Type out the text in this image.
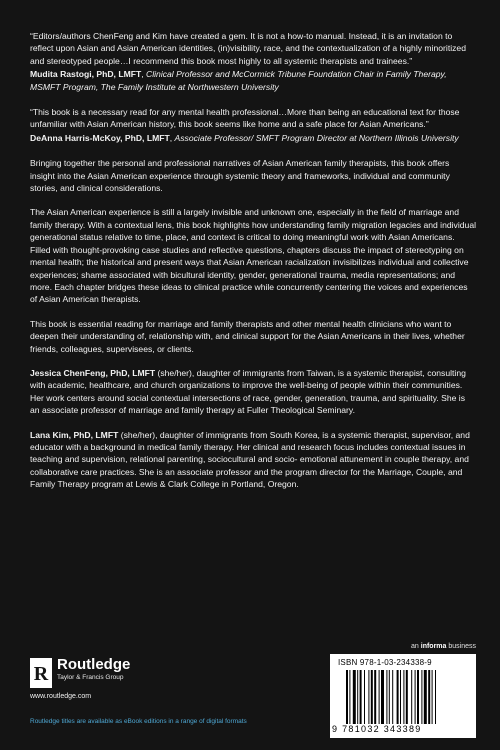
“Editors/authors ChenFeng and Kim have created a gem. It is not a how-to manual. Instead, it is an invitation to reflect upon Asian and Asian American identities, (in)visibility, race, and the contextualization of a highly minoritized and stereotyped people…I recommend this book most highly to all systemic therapists and trainees.”

Mudita Rastogi, PhD, LMFT, Clinical Professor and McCormick Tribune Foundation Chair in Family Therapy, MSMFT Program, The Family Institute at Northwestern University

“This book is a necessary read for any mental health professional…More than being an educational text for those unfamiliar with Asian American history, this book seems like home and a safe place for Asian Americans.”

DeAnna Harris-McKoy, PhD, LMFT, Associate Professor/ SMFT Program Director at Northern Illinois University

Bringing together the personal and professional narratives of Asian American family therapists, this book offers insight into the Asian American experience through systemic theory and frameworks, individual and community stories, and clinical considerations.

The Asian American experience is still a largely invisible and unknown one, especially in the field of marriage and family therapy. With a contextual lens, this book highlights how understanding family migration legacies and individual generational status relative to time, place, and context is critical to doing meaningful work with Asian Americans. Filled with thought-provoking case studies and reflective questions, chapters discuss the impact of stereotyping on mental health; the historical and present ways that Asian American racialization invisibilizes individual and collective experiences; shame associated with bicultural identity, gender, generational trauma, media representations; and more. Each chapter bridges these ideas to clinical practice while concurrently centering the voices and experiences of Asian American therapists.

This book is essential reading for marriage and family therapists and other mental health clinicians who want to deepen their understanding of, relationship with, and clinical support for the Asian Americans in their lives, whether friends, colleagues, supervisees, or clients.

Jessica ChenFeng, PhD, LMFT (she/her), daughter of immigrants from Taiwan, is a systemic therapist, consulting with academic, healthcare, and church organizations to improve the well-being of people within their communities. Her work centers around social contextual intersections of race, gender, generation, trauma, and spirituality. She is an associate professor of marriage and family therapy at Fuller Theological Seminary.

Lana Kim, PhD, LMFT (she/her), daughter of immigrants from South Korea, is a systemic therapist, supervisor, and educator with a background in medical family therapy. Her clinical and research focus includes contextual issues in teaching and supervision, relational parenting, sociocultural and socio- emotional attunement in couple therapy, and collaborative care practices. She is an associate professor and the program director for the Marriage, Couple, and Family Therapy program at Lewis & Clark College in Portland, Oregon.

an informa business
R Routledge
Taylor & Francis Group
www.routledge.com
Routledge titles are available as eBook editions in a range of digital formats
ISBN 978-1-03-234338-9
9 781032 343389
